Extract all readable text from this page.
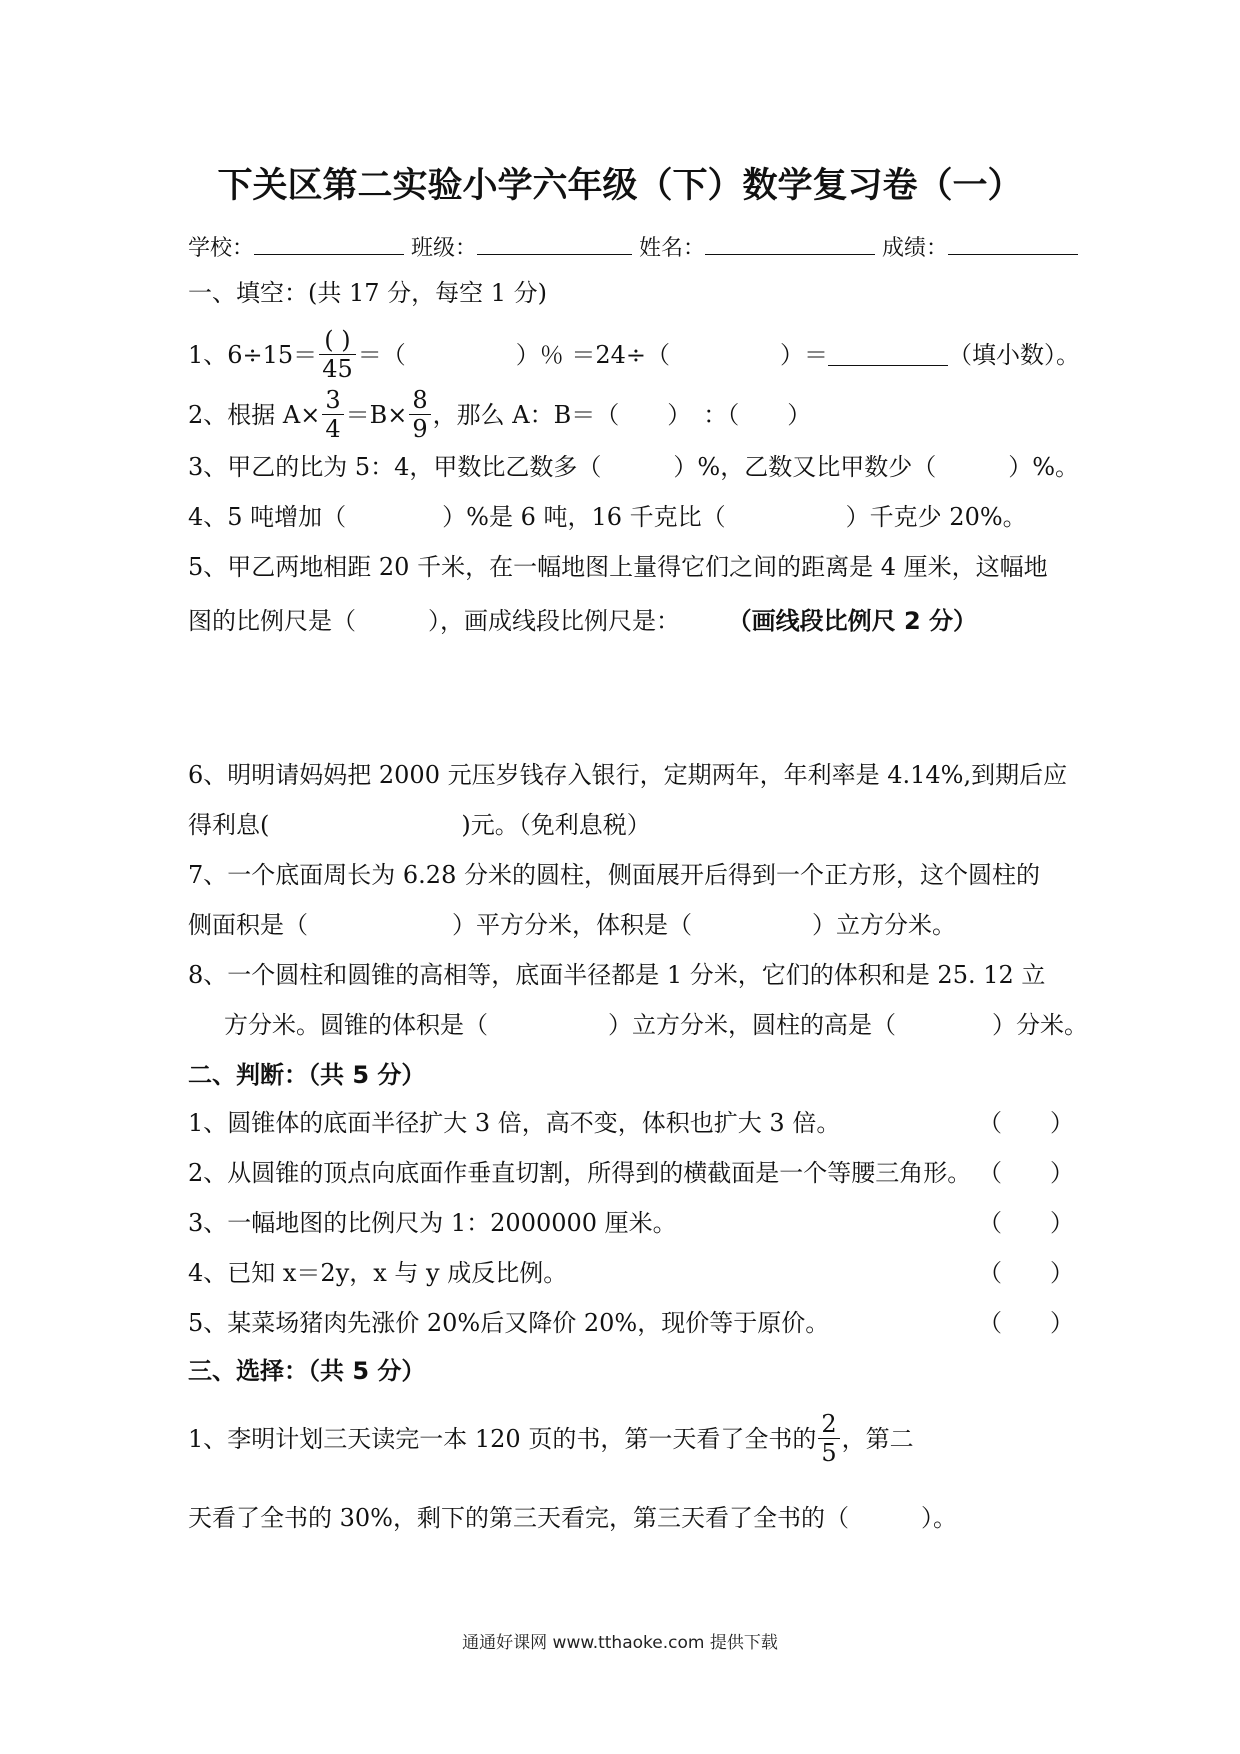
下关区第二实验小学六年级（下）数学复习卷（一）
学校：	班级：	姓名：	成绩：
一、填空：(共 17 分，每空 1 分)
1、$6\div 15= \frac{( )}{45}$ ＝（	）％ ＝24÷（	）＝	（填小数）。
2、根据 $A\times \frac{3}{4} =B\times \frac{8}{9}$ ，那么 A：B＝（　　）　：（　　）
3、甲乙的比为 5：4，甲数比乙数多（　　　）%，乙数又比甲数少（　　　）%。
4、5 吨增加（　　　　）%是 6 吨，16 千克比（　　　　　）千克少 20%。
5、甲乙两地相距 20 千米，在一幅地图上量得它们之间的距离是 4 厘米，这幅地
图的比例尺是（　　　），画成线段比例尺是： （画线段比例尺 2 分）
6、明明请妈妈把 2000 元压岁钱存入银行，定期两年，年利率是 4.14%,到期后应
得利息(　　　　　　　　)元。（免利息税）
7、一个底面周长为 6.28 分米的圆柱，侧面展开后得到一个正方形，这个圆柱的
侧面积是（　　　　　　）平方分米，体积是（　　　　　）立方分米。
8、一个圆柱和圆锥的高相等，底面半径都是 1 分米，它们的体积和是 25. 12 立
方分米。圆锥的体积是（　　　　　）立方分米，圆柱的高是（　　　　）分米。
二、判断：（共 5 分）
1、圆锥体的底面半径扩大 3 倍，高不变，体积也扩大 3 倍。	（　　）
2、从圆锥的顶点向底面作垂直切割，所得到的横截面是一个等腰三角形。 （　　）
3、一幅地图的比例尺为 1：2000000 厘米。	（　　）
4、已知 x＝2y，x 与 y 成反比例。	（　　）
5、某菜场猪肉先涨价 20%后又降价 20%，现价等于原价。	（　　）
三、选择：（共 5 分）
1、李明计划三天读完一本 120 页的书，第一天看了全书的 $\frac{2}{5}$ ，第二
天看了全书的 30%，剩下的第三天看完，第三天看了全书的（　　　）。
通通好课网 www.tthaoke.com 提供下载
